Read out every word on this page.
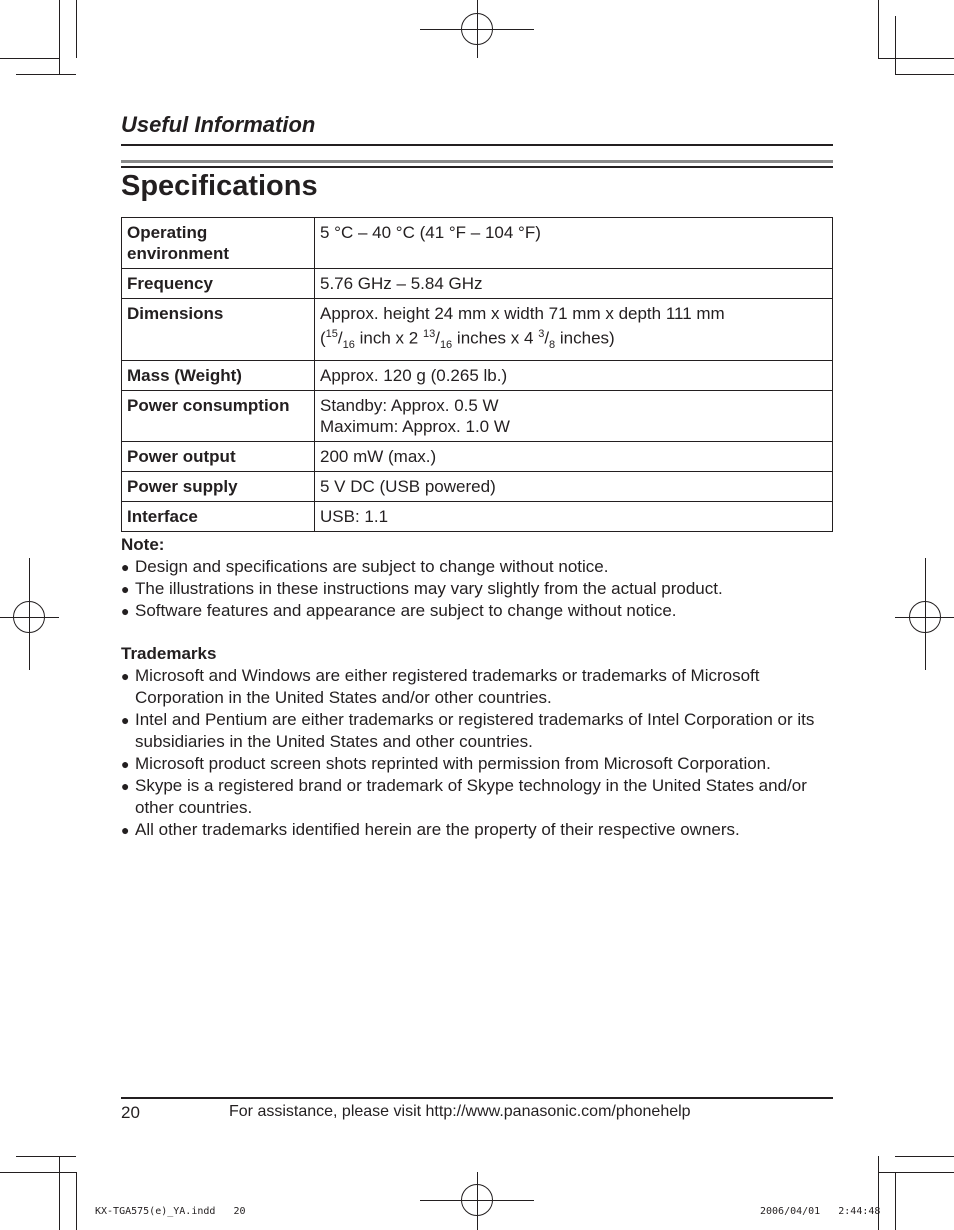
Useful Information
Specifications
Operating environment	5 °C – 40 °C (41 °F – 104 °F)
Frequency	5.76 GHz – 5.84 GHz
Dimensions	Approx. height 24 mm x width 71 mm x depth 111 mm
($^{15}/_{16}$ inch x 2 $^{13}/_{16}$ inches x 4 $^3/_8$ inches)

Mass (Weight)	Approx. 120 g (0.265 lb.)
Power consumption	Standby: Approx. 0.5 W
Maximum: Approx. 1.0 W

Power output	200 mW (max.)
Power supply	5 V DC (USB powered)
Interface	USB: 1.1
Note:
● Design and specifications are subject to change without notice.
● The illustrations in these instructions may vary slightly from the actual product.
● Software features and appearance are subject to change without notice.
Trademarks
● Microsoft and Windows are either registered trademarks or trademarks of Microsoft Corporation in the United States and/or other countries.
● Intel and Pentium are either trademarks or registered trademarks of Intel Corporation or its subsidiaries in the United States and other countries.
● Microsoft product screen shots reprinted with permission from Microsoft Corporation.
● Skype is a registered brand or trademark of Skype technology in the United States and/or other countries.
● All other trademarks identified herein are the property of their respective owners.
20	For assistance, please visit http://www.panasonic.com/phonehelp
KX-TGA575(e)_YA.indd   20	2006/04/01   2:44:48
